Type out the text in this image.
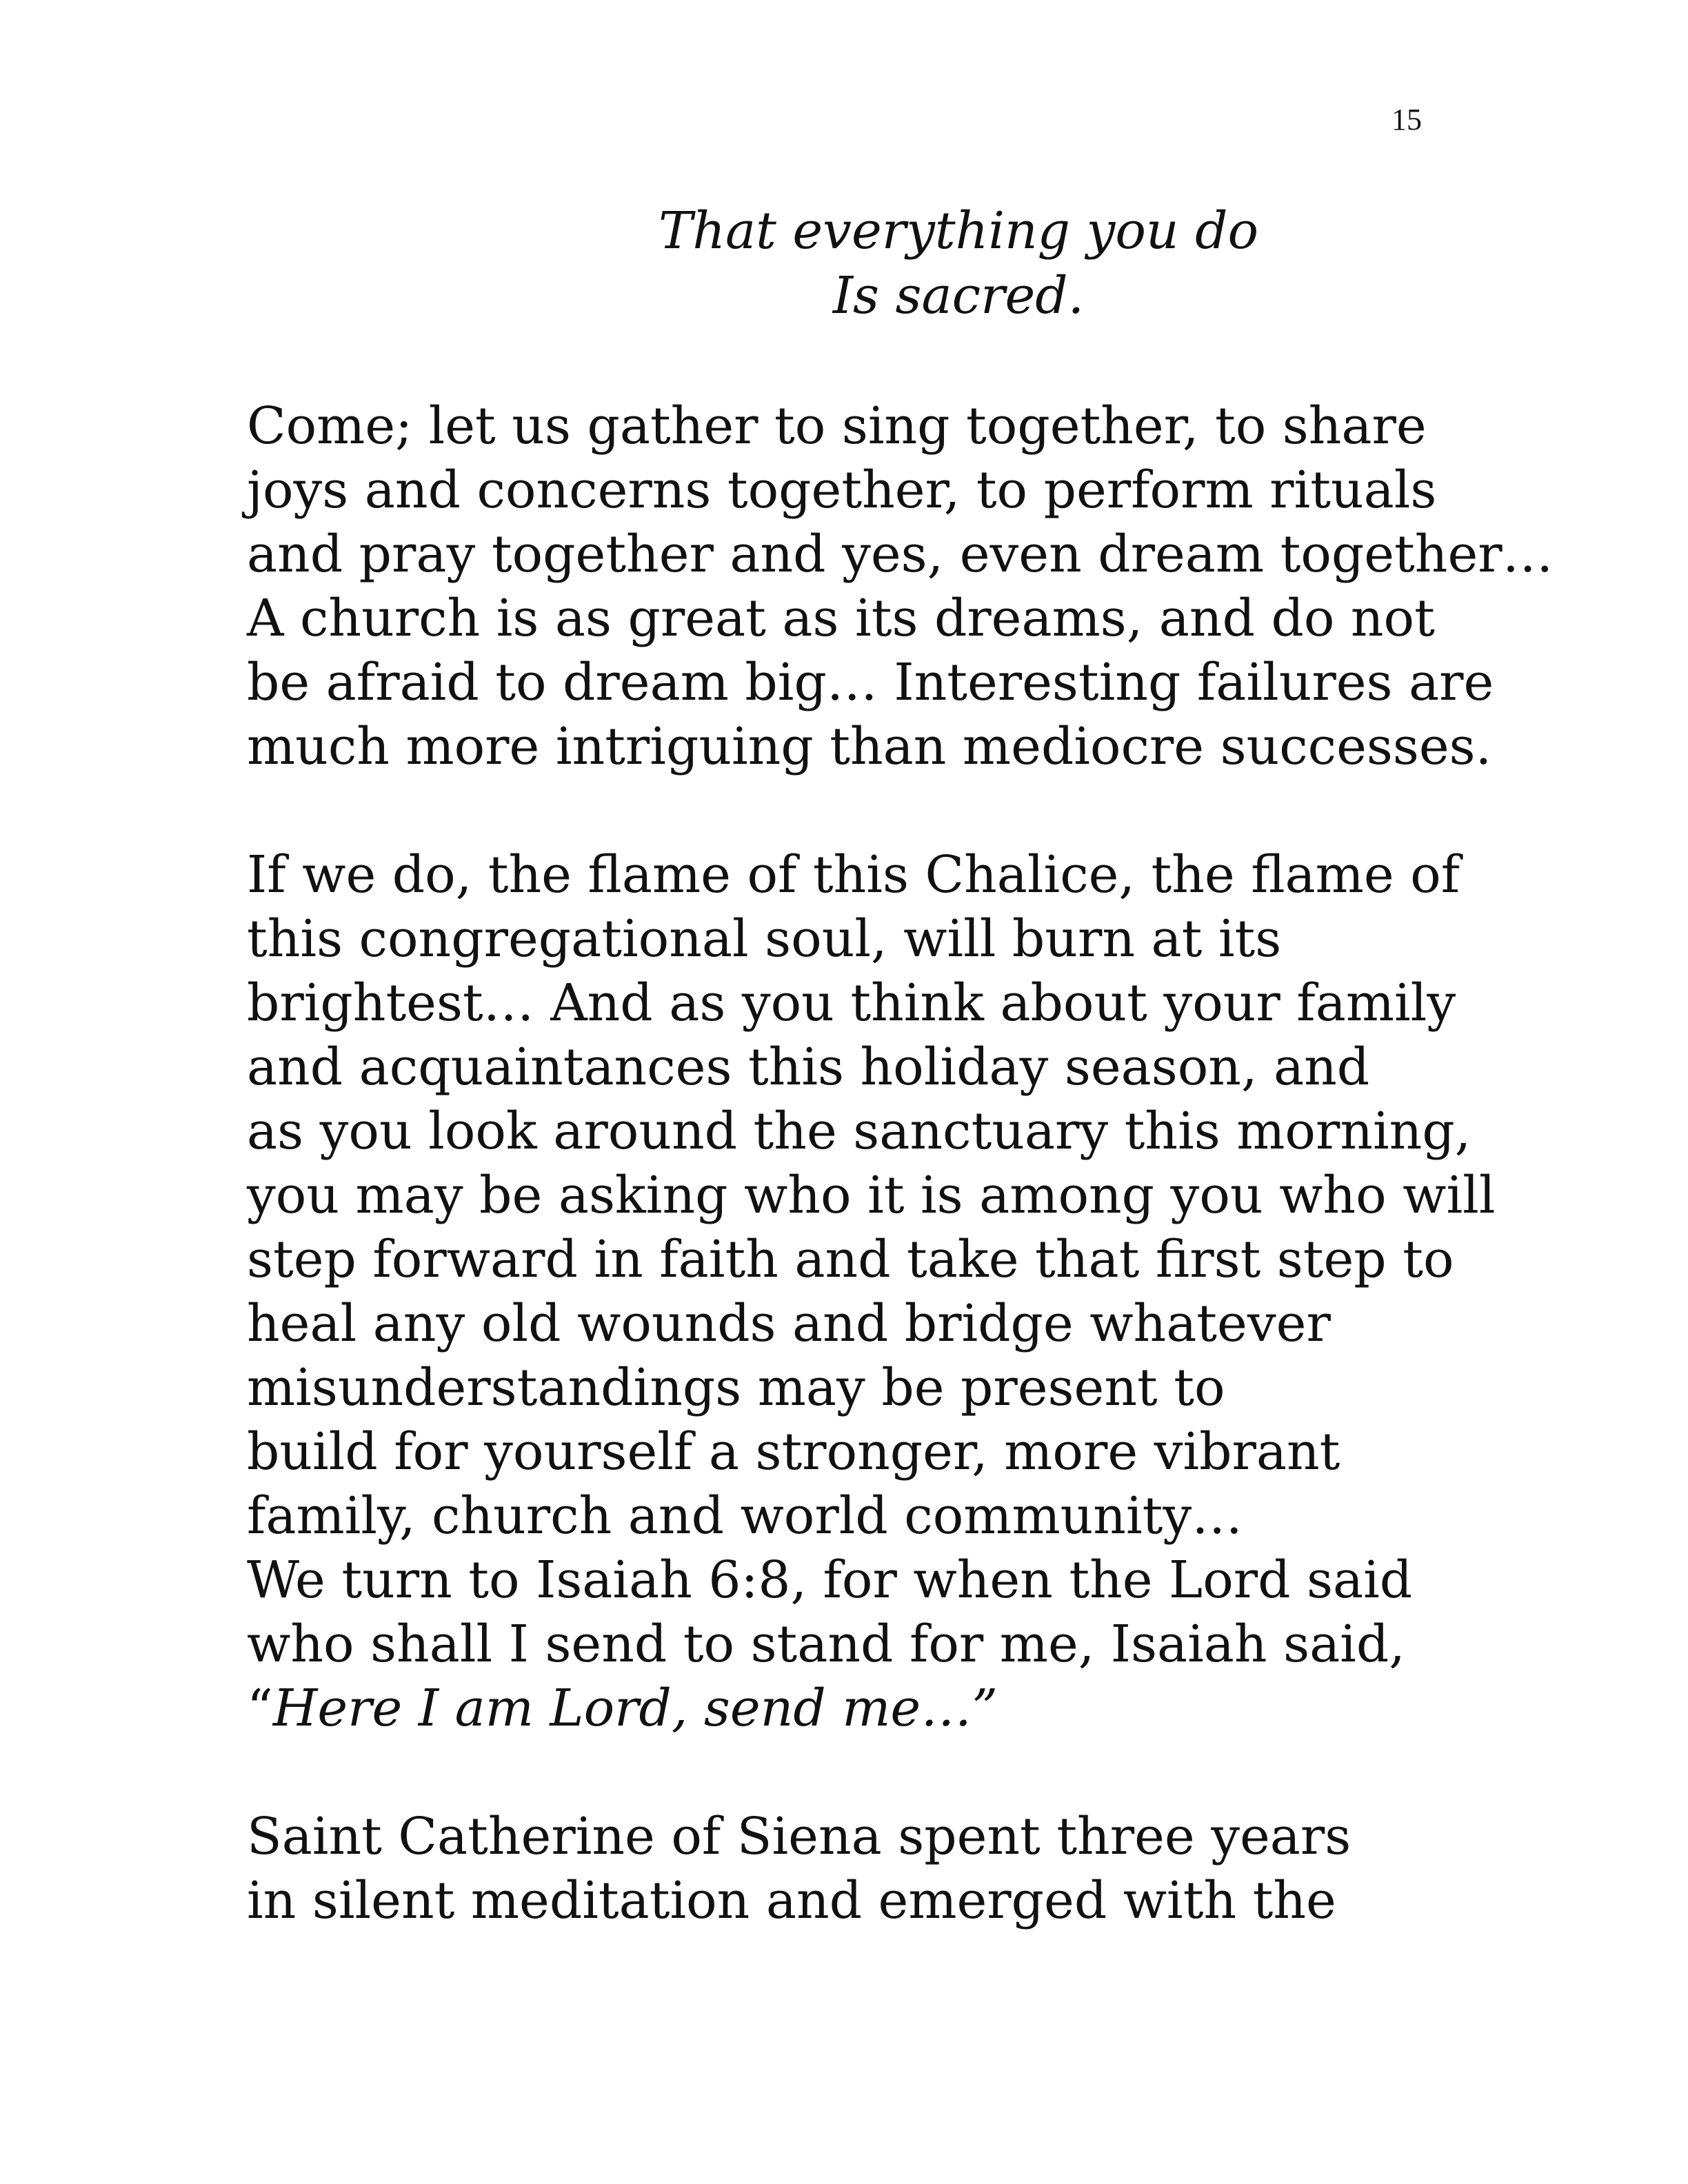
15
That everything you do
Is sacred.
Come; let us gather to sing together, to share
joys and concerns together, to perform rituals
and pray together and yes, even dream together…
A church is as great as its dreams, and do not
be afraid to dream big… Interesting failures are
much more intriguing than mediocre successes.
If we do, the flame of this Chalice, the flame of
this congregational soul, will burn at its
brightest… And as you think about your family
and acquaintances this holiday season, and
as you look around the sanctuary this morning,
you may be asking who it is among you who will
step forward in faith and take that first step to
heal any old wounds and bridge whatever
misunderstandings may be present to
build for yourself a stronger, more vibrant
family, church and world community…
We turn to Isaiah 6:8, for when the Lord said
who shall I send to stand for me, Isaiah said,
“Here I am Lord, send me…”
Saint Catherine of Siena spent three years
in silent meditation and emerged with the
